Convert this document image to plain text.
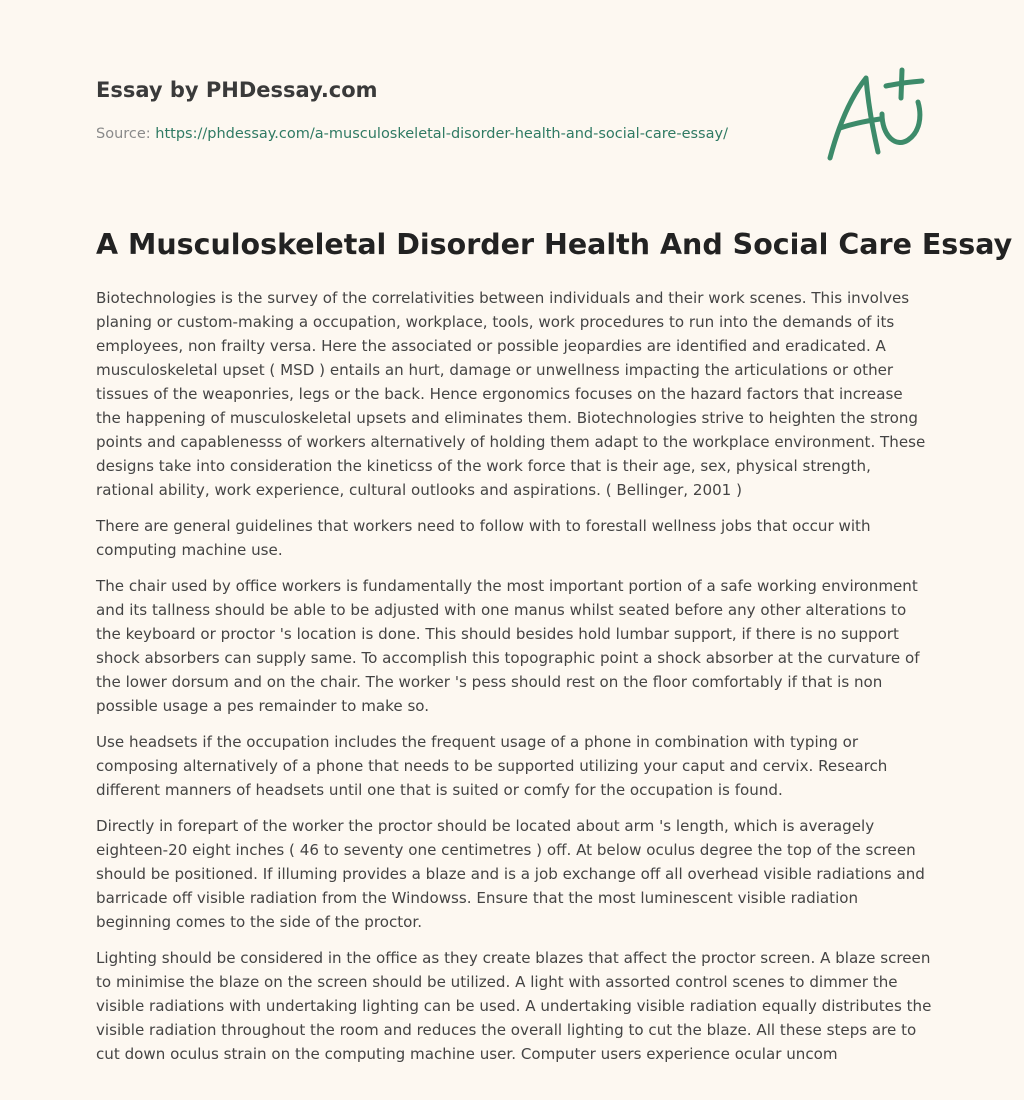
Essay by PHDessay.com
Source: https://phdessay.com/a-musculoskeletal-disorder-health-and-social-care-essay/
A Musculoskeletal Disorder Health And Social Care Essay

Biotechnologies is the survey of the correlativities between individuals and their work scenes. This involves planing or custom-making a occupation, workplace, tools, work procedures to run into the demands of its employees, non frailty versa. Here the associated or possible jeopardies are identified and eradicated. A musculoskeletal upset ( MSD ) entails an hurt, damage or unwellness impacting the articulations or other tissues of the weaponries, legs or the back. Hence ergonomics focuses on the hazard factors that increase the happening of musculoskeletal upsets and eliminates them. Biotechnologies strive to heighten the strong points and capablenesss of workers alternatively of holding them adapt to the workplace environment. These designs take into consideration the kineticss of the work force that is their age, sex, physical strength, rational ability, work experience, cultural outlooks and aspirations. ( Bellinger, 2001 )

There are general guidelines that workers need to follow with to forestall wellness jobs that occur with computing machine use.

The chair used by office workers is fundamentally the most important portion of a safe working environment and its tallness should be able to be adjusted with one manus whilst seated before any other alterations to the keyboard or proctor 's location is done. This should besides hold lumbar support, if there is no support shock absorbers can supply same. To accomplish this topographic point a shock absorber at the curvature of the lower dorsum and on the chair. The worker 's pess should rest on the floor comfortably if that is non possible usage a pes remainder to make so.

Use headsets if the occupation includes the frequent usage of a phone in combination with typing or composing alternatively of a phone that needs to be supported utilizing your caput and cervix. Research different manners of headsets until one that is suited or comfy for the occupation is found.

Directly in forepart of the worker the proctor should be located about arm 's length, which is averagely eighteen-20 eight inches ( 46 to seventy one centimetres ) off. At below oculus degree the top of the screen should be positioned. If illuming provides a blaze and is a job exchange off all overhead visible radiations and barricade off visible radiation from the Windowss. Ensure that the most luminescent visible radiation beginning comes to the side of the proctor.

Lighting should be considered in the office as they create blazes that affect the proctor screen. A blaze screen to minimise the blaze on the screen should be utilized. A light with assorted control scenes to dimmer the visible radiations with undertaking lighting can be used. A undertaking visible radiation equally distributes the visible radiation throughout the room and reduces the overall lighting to cut the blaze. All these steps are to cut down oculus strain on the computing machine user. Computer users experience ocular uncom
